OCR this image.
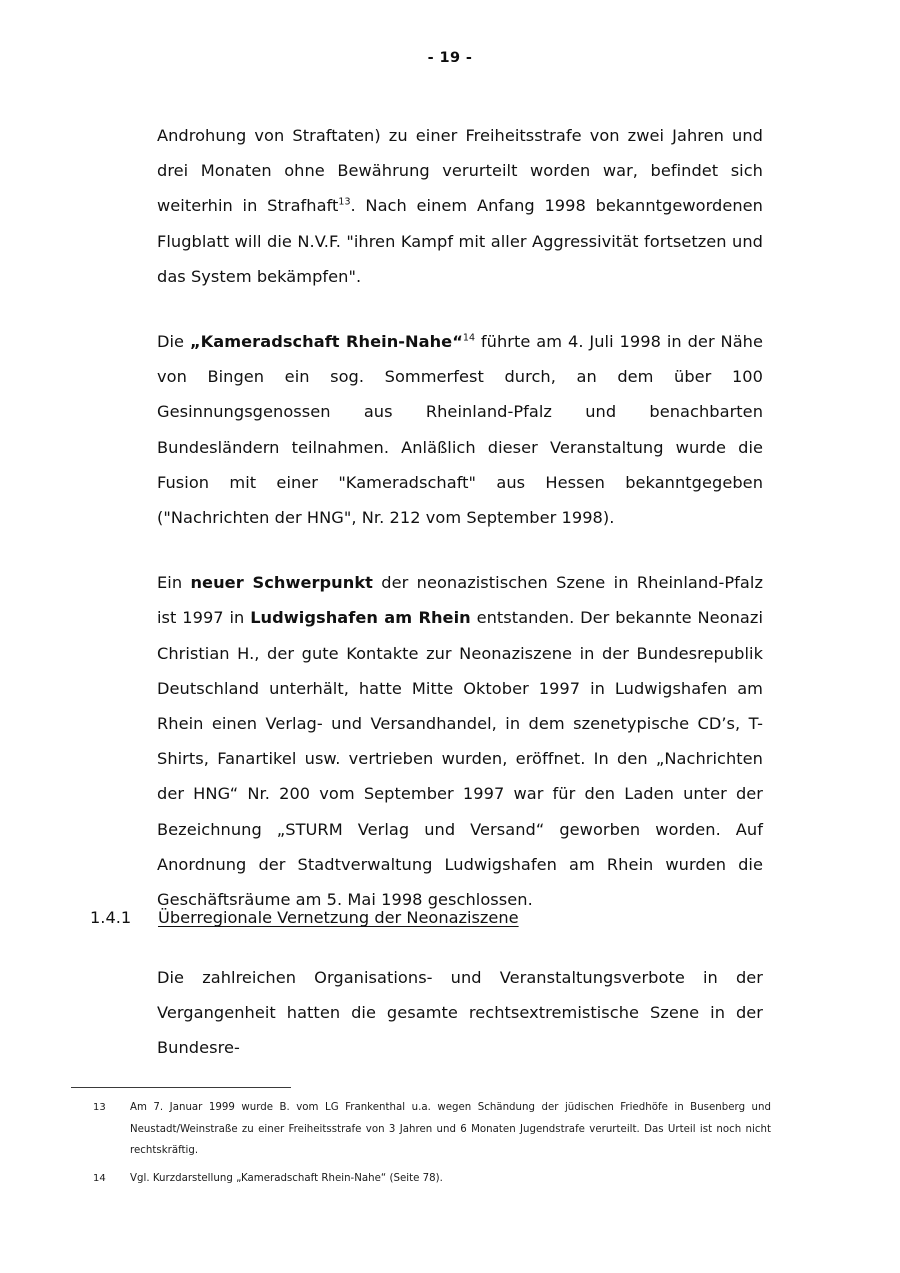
- 19 -

Androhung von Straftaten) zu einer Freiheitsstrafe von zwei Jahren und drei Monaten ohne Bewährung verurteilt worden war, befindet sich weiterhin in Strafhaft$^{13}$. Nach einem Anfang 1998 bekanntgewordenen Flugblatt will die N.V.F. "ihren Kampf mit aller Aggressivität fortsetzen und das System bekämpfen".

Die „Kameradschaft Rhein-Nahe“$^{14}$ führte am 4. Juli 1998 in der Nähe von Bingen ein sog. Sommerfest durch, an dem über 100 Gesinnungsgenossen aus Rheinland-Pfalz und benachbarten Bundesländern teilnahmen. Anläßlich dieser Veranstaltung wurde die Fusion mit einer "Kameradschaft" aus Hessen bekanntgegeben ("Nachrichten der HNG", Nr. 212 vom September 1998).

Ein neuer Schwerpunkt der neonazistischen Szene in Rheinland-Pfalz ist 1997 in Ludwigshafen am Rhein entstanden. Der bekannte Neonazi Christian H., der gute Kontakte zur Neonaziszene in der Bundesrepublik Deutschland unterhält, hatte Mitte Oktober 1997 in Ludwigshafen am Rhein einen Verlag- und Versandhandel, in dem szenetypische CD’s, T-Shirts, Fanartikel usw. vertrieben wurden, eröffnet. In den „Nachrichten der HNG“ Nr. 200 vom September 1997 war für den Laden unter der Bezeichnung „STURM Verlag und Versand“ geworben worden. Auf Anordnung der Stadtverwaltung Ludwigshafen am Rhein wurden die Geschäftsräume am 5. Mai 1998 geschlossen.

1.4.1 Überregionale Vernetzung der Neonaziszene

Die zahlreichen Organisations- und Veranstaltungsverbote in der Vergangenheit hatten die gesamte rechtsextremistische Szene in der Bundesre-

13 Am 7. Januar 1999 wurde B. vom LG Frankenthal u.a. wegen Schändung der jüdischen Friedhöfe in Busenberg und Neustadt/Weinstraße zu einer Freiheitsstrafe von 3 Jahren und 6 Monaten Jugendstrafe verurteilt. Das Urteil ist noch nicht rechtskräftig.
14 Vgl. Kurzdarstellung „Kameradschaft Rhein-Nahe“ (Seite 78).
